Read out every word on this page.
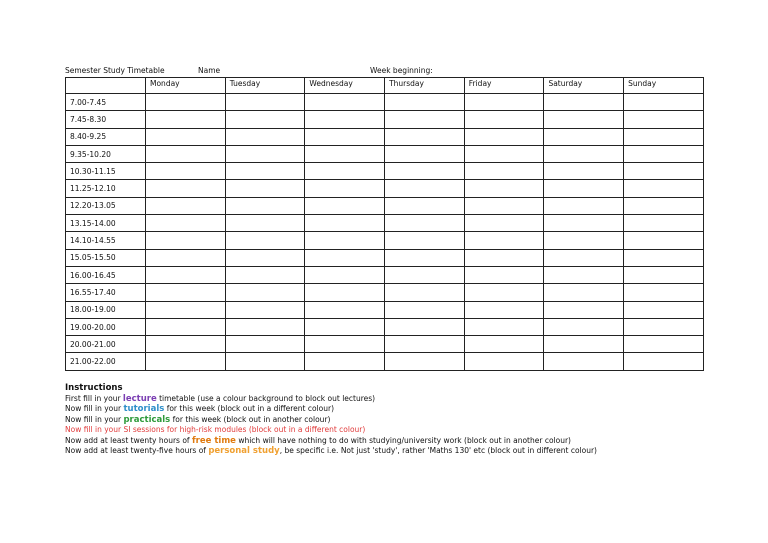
Semester Study Timetable	Name	Week beginning:
	Monday	Tuesday	Wednesday	Thursday	Friday	Saturday	Sunday
7.00-7.45							
7.45-8.30							
8.40-9.25							
9.35-10.20							
10.30-11.15							
11.25-12.10							
12.20-13.05							
13.15-14.00							
14.10-14.55							
15.05-15.50							
16.00-16.45							
16.55-17.40							
18.00-19.00							
19.00-20.00							
20.00-21.00							
21.00-22.00							
Instructions
First fill in your lecture timetable (use a colour background to block out lectures)
Now fill in your tutorials for this week (block out in a different colour)
Now fill in your practicals for this week (block out in another colour)
Now fill in your SI sessions for high-risk modules (block out in a different colour)
Now add at least twenty hours of free time which will have nothing to do with studying/university work (block out in another colour)
Now add at least twenty-five hours of personal study, be specific i.e. Not just 'study', rather 'Maths 130' etc (block out in different colour)
